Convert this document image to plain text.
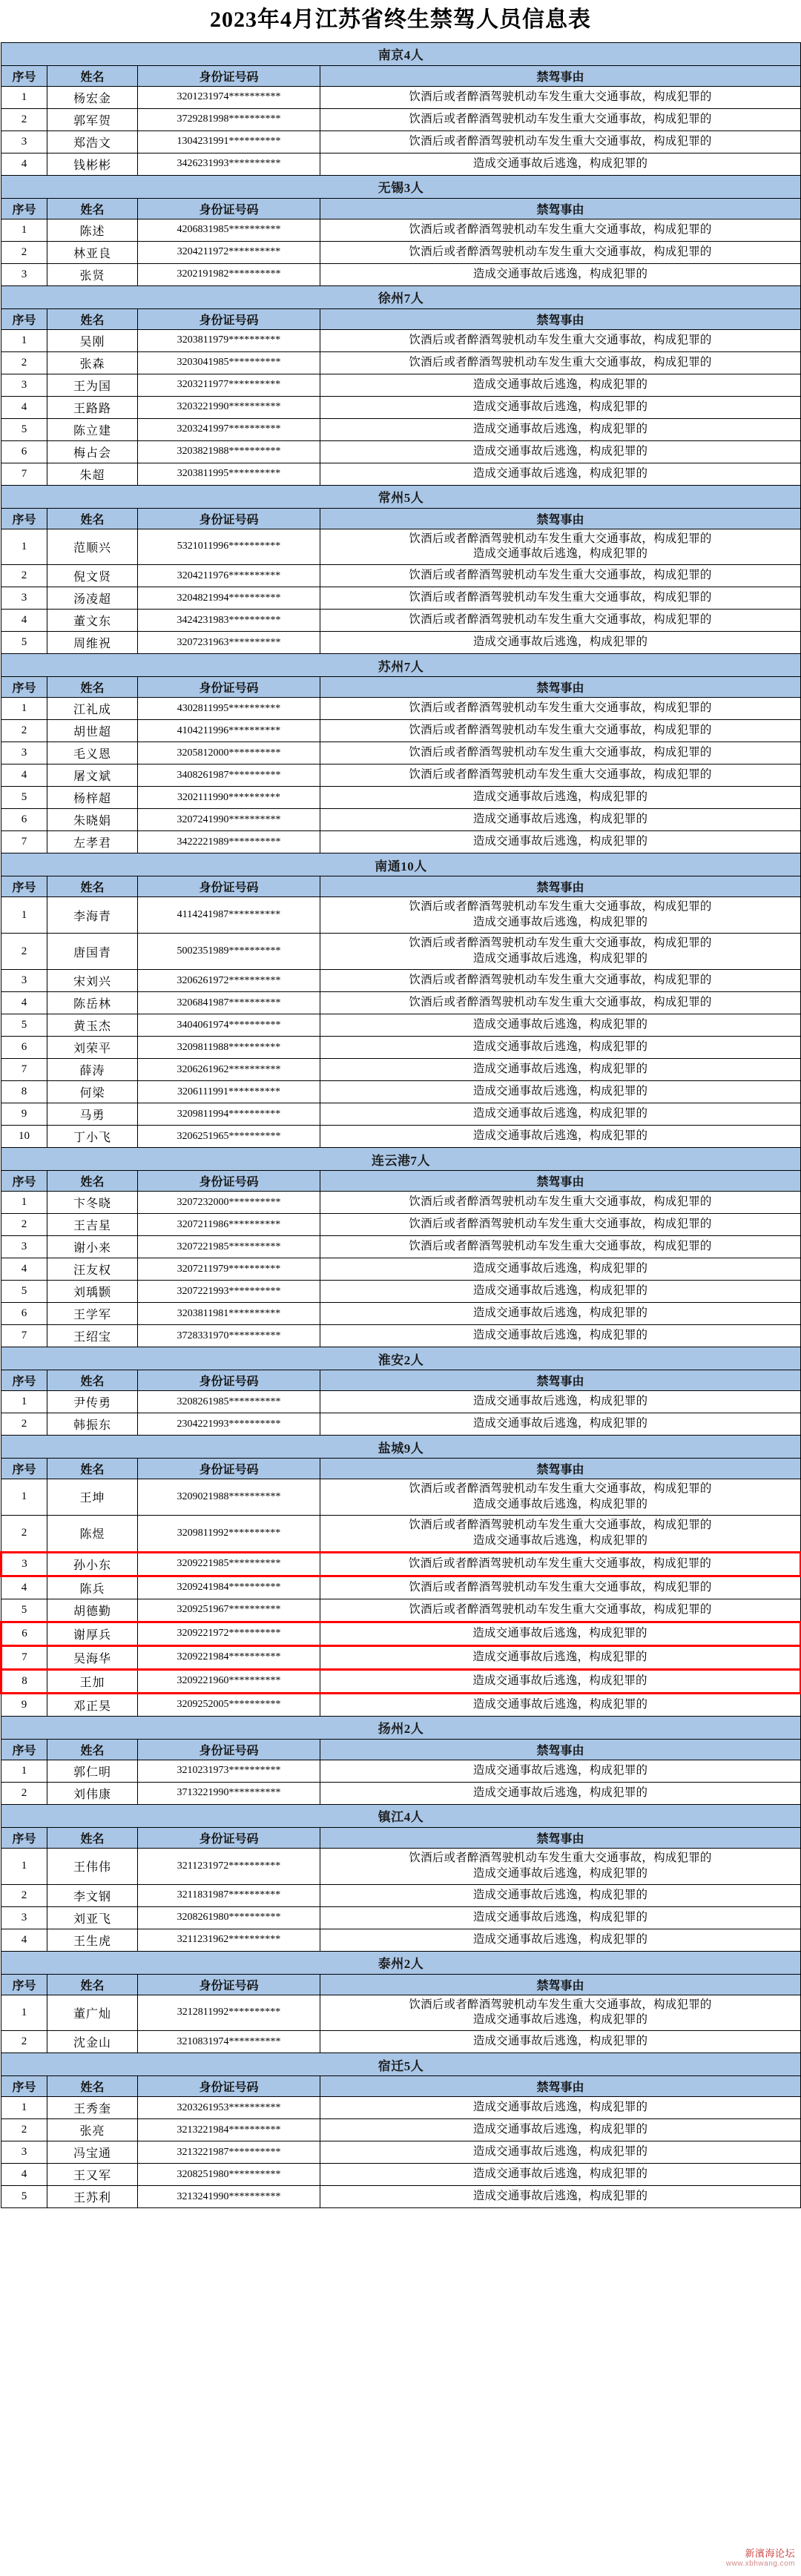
2023年4月江苏省终生禁驾人员信息表
南京4人			
序号	姓名	身份证号码	禁驾事由
1	杨宏金	3201231974**********	饮酒后或者醉酒驾驶机动车发生重大交通事故，构成犯罪的

2	郭军贺	3729281998**********	饮酒后或者醉酒驾驶机动车发生重大交通事故，构成犯罪的

3	郑浩文	1304231991**********	饮酒后或者醉酒驾驶机动车发生重大交通事故，构成犯罪的

4	钱彬彬	3426231993**********	造成交通事故后逃逸，构成犯罪的

无锡3人			
序号	姓名	身份证号码	禁驾事由
1	陈述	4206831985**********	饮酒后或者醉酒驾驶机动车发生重大交通事故，构成犯罪的

2	林亚良	3204211972**********	饮酒后或者醉酒驾驶机动车发生重大交通事故，构成犯罪的

3	张贤	3202191982**********	造成交通事故后逃逸，构成犯罪的

徐州7人			
序号	姓名	身份证号码	禁驾事由
1	吴刚	3203811979**********	饮酒后或者醉酒驾驶机动车发生重大交通事故，构成犯罪的

2	张森	3203041985**********	饮酒后或者醉酒驾驶机动车发生重大交通事故，构成犯罪的

3	王为国	3203211977**********	造成交通事故后逃逸，构成犯罪的

4	王路路	3203221990**********	造成交通事故后逃逸，构成犯罪的

5	陈立建	3203241997**********	造成交通事故后逃逸，构成犯罪的

6	梅占会	3203821988**********	造成交通事故后逃逸，构成犯罪的

7	朱超	3203811995**********	造成交通事故后逃逸，构成犯罪的

常州5人			
序号	姓名	身份证号码	禁驾事由
1	范顺兴	5321011996**********	饮酒后或者醉酒驾驶机动车发生重大交通事故，构成犯罪的
造成交通事故后逃逸，构成犯罪的

2	倪文贤	3204211976**********	饮酒后或者醉酒驾驶机动车发生重大交通事故，构成犯罪的

3	汤凌超	3204821994**********	饮酒后或者醉酒驾驶机动车发生重大交通事故，构成犯罪的

4	董文东	3424231983**********	饮酒后或者醉酒驾驶机动车发生重大交通事故，构成犯罪的

5	周维祝	3207231963**********	造成交通事故后逃逸，构成犯罪的

苏州7人			
序号	姓名	身份证号码	禁驾事由
1	江礼成	4302811995**********	饮酒后或者醉酒驾驶机动车发生重大交通事故，构成犯罪的

2	胡世超	4104211996**********	饮酒后或者醉酒驾驶机动车发生重大交通事故，构成犯罪的

3	毛义恩	3205812000**********	饮酒后或者醉酒驾驶机动车发生重大交通事故，构成犯罪的

4	屠文斌	3408261987**********	饮酒后或者醉酒驾驶机动车发生重大交通事故，构成犯罪的

5	杨梓超	3202111990**********	造成交通事故后逃逸，构成犯罪的

6	朱晓娟	3207241990**********	造成交通事故后逃逸，构成犯罪的

7	左孝君	3422221989**********	造成交通事故后逃逸，构成犯罪的

南通10人			
序号	姓名	身份证号码	禁驾事由
1	李海青	4114241987**********	饮酒后或者醉酒驾驶机动车发生重大交通事故，构成犯罪的
造成交通事故后逃逸，构成犯罪的

2	唐国青	5002351989**********	饮酒后或者醉酒驾驶机动车发生重大交通事故，构成犯罪的
造成交通事故后逃逸，构成犯罪的

3	宋刘兴	3206261972**********	饮酒后或者醉酒驾驶机动车发生重大交通事故，构成犯罪的

4	陈岳林	3206841987**********	饮酒后或者醉酒驾驶机动车发生重大交通事故，构成犯罪的

5	黄玉杰	3404061974**********	造成交通事故后逃逸，构成犯罪的

6	刘荣平	3209811988**********	造成交通事故后逃逸，构成犯罪的

7	薛涛	3206261962**********	造成交通事故后逃逸，构成犯罪的

8	何梁	3206111991**********	造成交通事故后逃逸，构成犯罪的

9	马勇	3209811994**********	造成交通事故后逃逸，构成犯罪的

10	丁小飞	3206251965**********	造成交通事故后逃逸，构成犯罪的

连云港7人			
序号	姓名	身份证号码	禁驾事由
1	卞冬晓	3207232000**********	饮酒后或者醉酒驾驶机动车发生重大交通事故，构成犯罪的

2	王吉星	3207211986**********	饮酒后或者醉酒驾驶机动车发生重大交通事故，构成犯罪的

3	谢小来	3207221985**********	饮酒后或者醉酒驾驶机动车发生重大交通事故，构成犯罪的

4	汪友权	3207211979**********	造成交通事故后逃逸，构成犯罪的

5	刘瑀颢	3207221993**********	造成交通事故后逃逸，构成犯罪的

6	王学军	3203811981**********	造成交通事故后逃逸，构成犯罪的

7	王绍宝	3728331970**********	造成交通事故后逃逸，构成犯罪的

淮安2人			
序号	姓名	身份证号码	禁驾事由
1	尹传勇	3208261985**********	造成交通事故后逃逸，构成犯罪的

2	韩振东	2304221993**********	造成交通事故后逃逸，构成犯罪的

盐城9人			
序号	姓名	身份证号码	禁驾事由
1	王坤	3209021988**********	饮酒后或者醉酒驾驶机动车发生重大交通事故，构成犯罪的
造成交通事故后逃逸，构成犯罪的

2	陈煜	3209811992**********	饮酒后或者醉酒驾驶机动车发生重大交通事故，构成犯罪的
造成交通事故后逃逸，构成犯罪的

3	孙小东	3209221985**********	饮酒后或者醉酒驾驶机动车发生重大交通事故，构成犯罪的

4	陈兵	3209241984**********	饮酒后或者醉酒驾驶机动车发生重大交通事故，构成犯罪的

5	胡德勤	3209251967**********	饮酒后或者醉酒驾驶机动车发生重大交通事故，构成犯罪的

6	谢厚兵	3209221972**********	造成交通事故后逃逸，构成犯罪的

7	吴海华	3209221984**********	造成交通事故后逃逸，构成犯罪的

8	王加	3209221960**********	造成交通事故后逃逸，构成犯罪的

9	邓正昊	3209252005**********	造成交通事故后逃逸，构成犯罪的

扬州2人			
序号	姓名	身份证号码	禁驾事由
1	郭仁明	3210231973**********	造成交通事故后逃逸，构成犯罪的

2	刘伟康	3713221990**********	造成交通事故后逃逸，构成犯罪的

镇江4人			
序号	姓名	身份证号码	禁驾事由
1	王伟伟	3211231972**********	饮酒后或者醉酒驾驶机动车发生重大交通事故，构成犯罪的
造成交通事故后逃逸，构成犯罪的

2	李文钢	3211831987**********	造成交通事故后逃逸，构成犯罪的

3	刘亚飞	3208261980**********	造成交通事故后逃逸，构成犯罪的

4	王生虎	3211231962**********	造成交通事故后逃逸，构成犯罪的

泰州2人			
序号	姓名	身份证号码	禁驾事由
1	董广灿	3212811992**********	饮酒后或者醉酒驾驶机动车发生重大交通事故，构成犯罪的
造成交通事故后逃逸，构成犯罪的

2	沈金山	3210831974**********	造成交通事故后逃逸，构成犯罪的

宿迁5人			
序号	姓名	身份证号码	禁驾事由
1	王秀奎	3203261953**********	造成交通事故后逃逸，构成犯罪的

2	张亮	3213221984**********	造成交通事故后逃逸，构成犯罪的

3	冯宝通	3213221987**********	造成交通事故后逃逸，构成犯罪的

4	王又军	3208251980**********	造成交通事故后逃逸，构成犯罪的

5	王苏利	3213241990**********	造成交通事故后逃逸，构成犯罪的
新濱海论坛
www.xbhwang.com
